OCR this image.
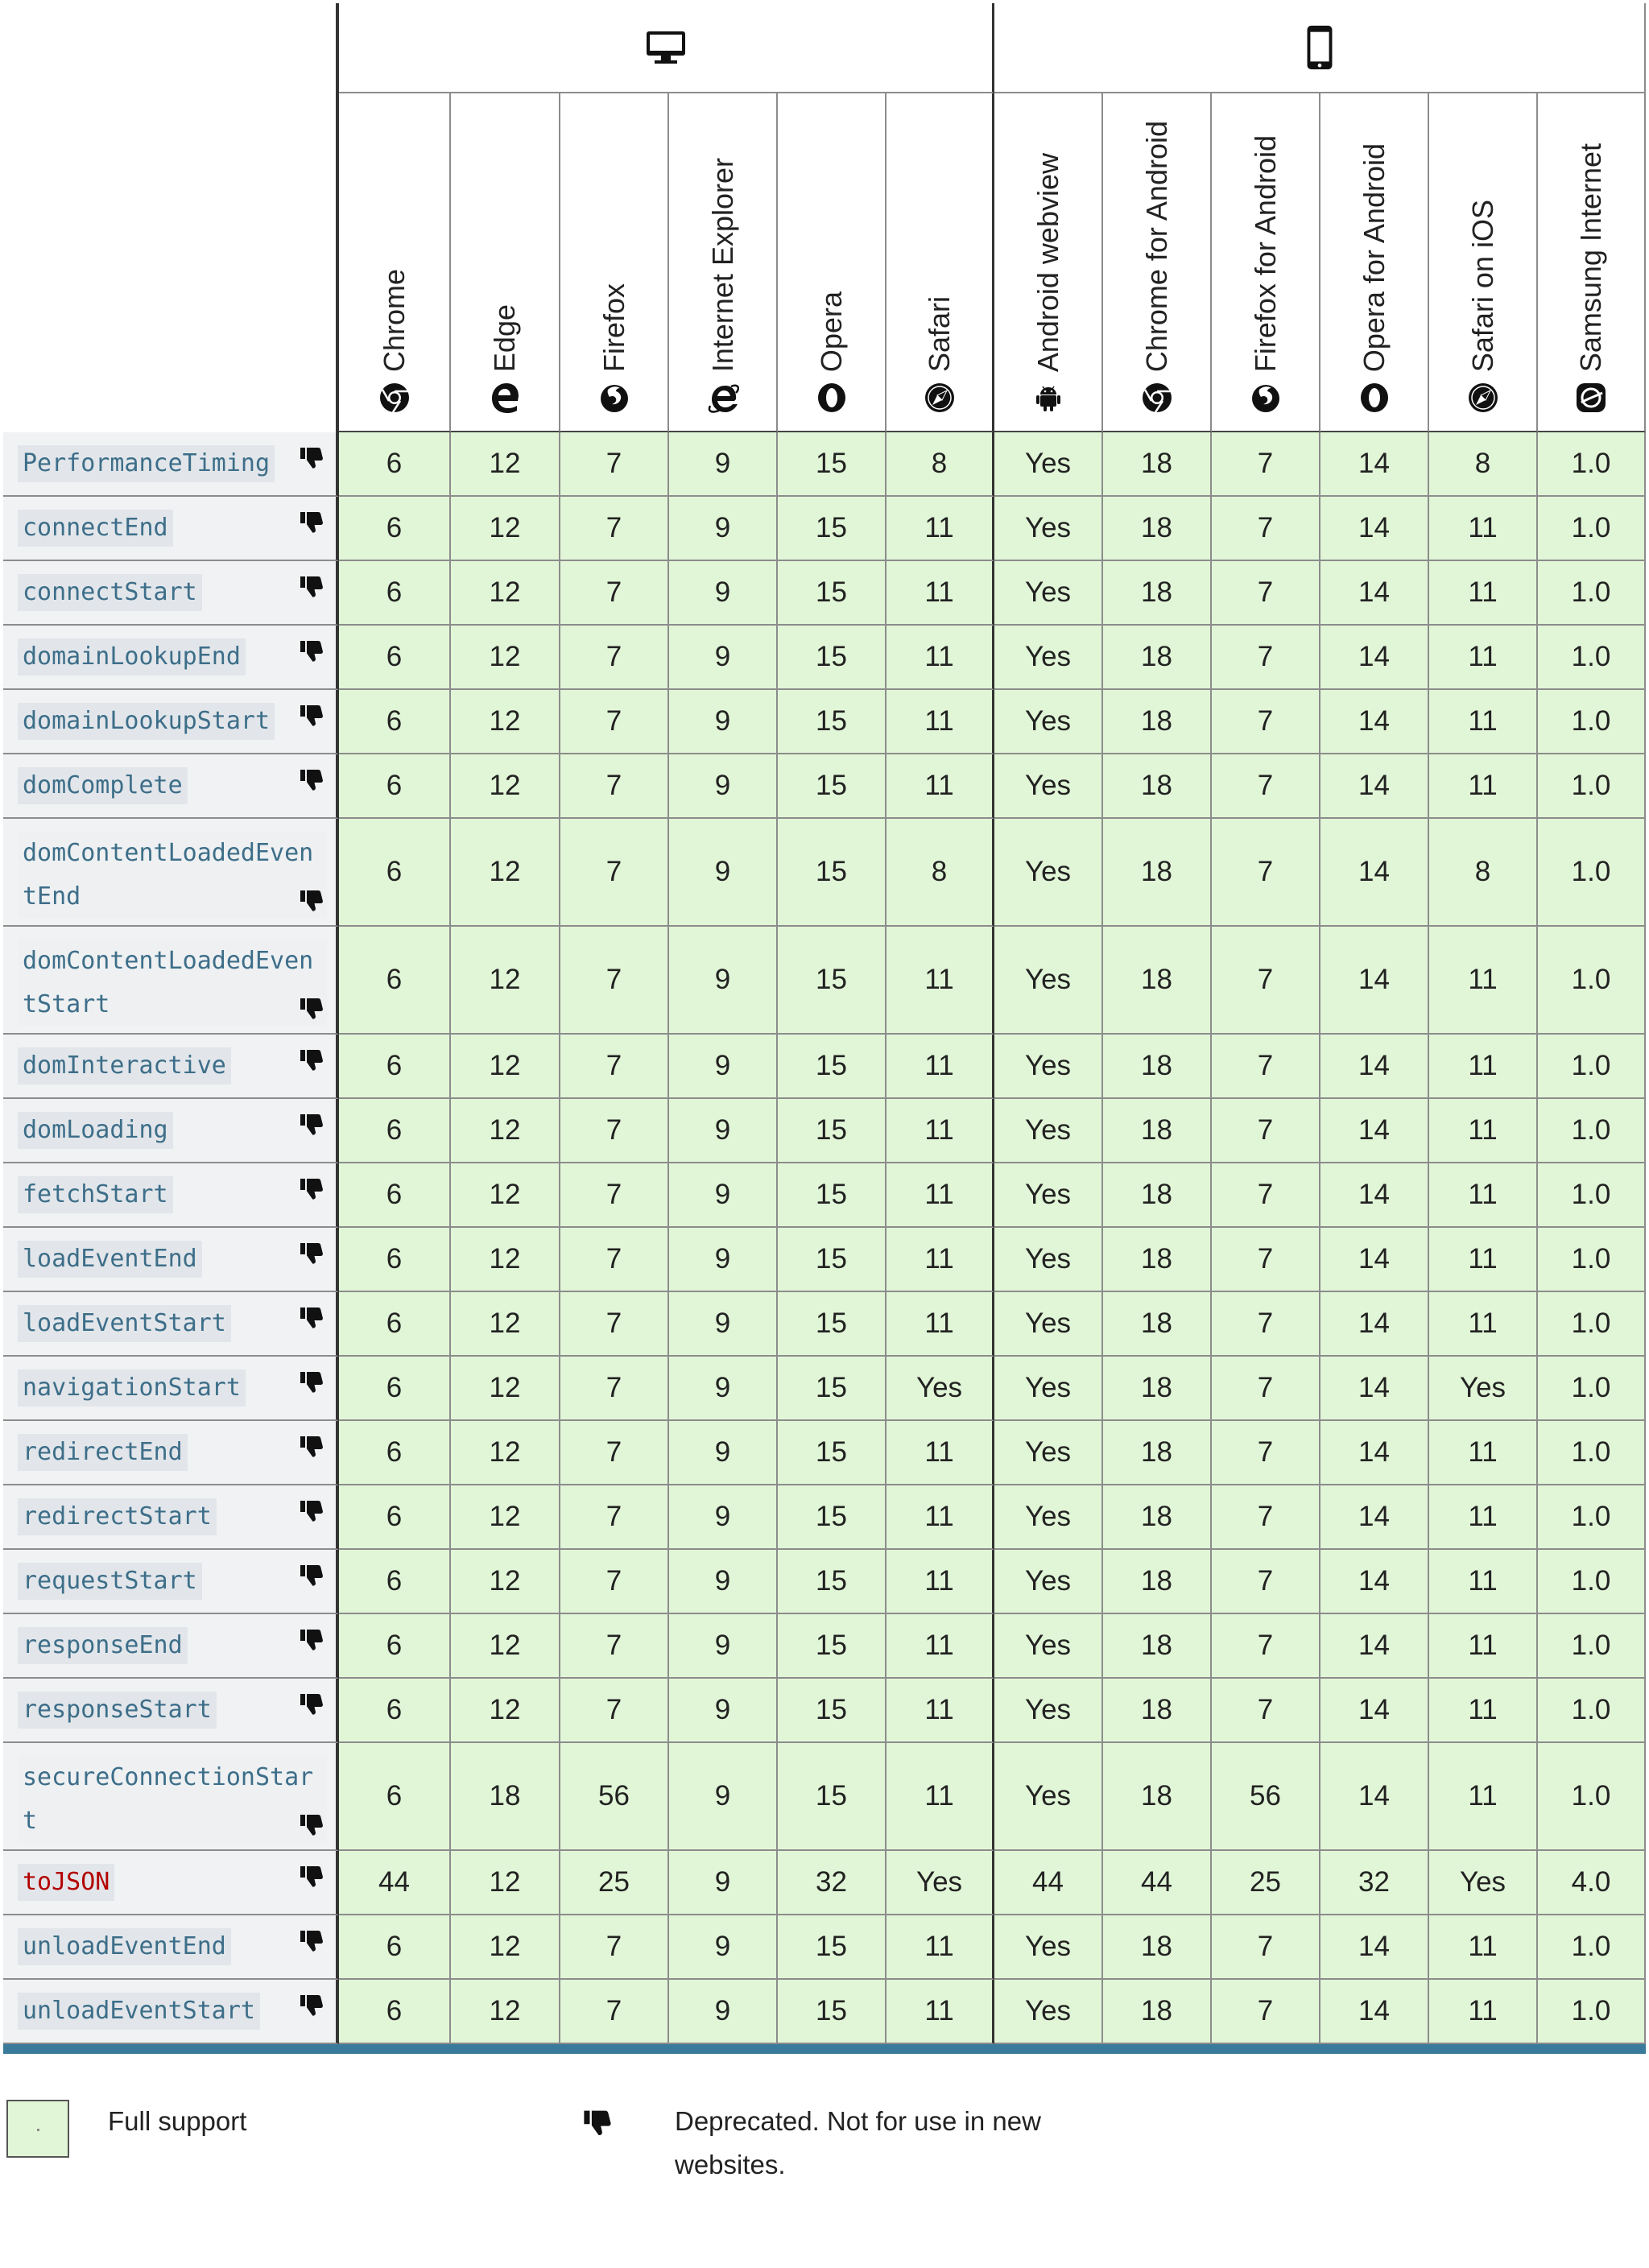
Chrome	Edge	Firefox	Internet Explorer	Opera	Safari	Android webview	Chrome for Android	Firefox for Android	Opera for Android	Safari on iOS	Samsung Internet
PerformanceTiming	6	12	7	9	15	8	Yes	18	7	14	8	1.0
connectEnd	6	12	7	9	15	11	Yes	18	7	14	11	1.0
connectStart	6	12	7	9	15	11	Yes	18	7	14	11	1.0
domainLookupEnd	6	12	7	9	15	11	Yes	18	7	14	11	1.0
domainLookupStart	6	12	7	9	15	11	Yes	18	7	14	11	1.0
domComplete	6	12	7	9	15	11	Yes	18	7	14	11	1.0
domContentLoadedEventEnd
6	12	7	9	15	8	Yes	18	7	14	8	1.0
domContentLoadedEventStart
6	12	7	9	15	11	Yes	18	7	14	11	1.0
domInteractive	6	12	7	9	15	11	Yes	18	7	14	11	1.0
domLoading	6	12	7	9	15	11	Yes	18	7	14	11	1.0
fetchStart	6	12	7	9	15	11	Yes	18	7	14	11	1.0
loadEventEnd	6	12	7	9	15	11	Yes	18	7	14	11	1.0
loadEventStart	6	12	7	9	15	11	Yes	18	7	14	11	1.0
navigationStart	6	12	7	9	15	Yes	Yes	18	7	14	Yes	1.0
redirectEnd	6	12	7	9	15	11	Yes	18	7	14	11	1.0
redirectStart	6	12	7	9	15	11	Yes	18	7	14	11	1.0
requestStart	6	12	7	9	15	11	Yes	18	7	14	11	1.0
responseEnd	6	12	7	9	15	11	Yes	18	7	14	11	1.0
responseStart	6	12	7	9	15	11	Yes	18	7	14	11	1.0
secureConnectionStart
6	18	56	9	15	11	Yes	18	56	14	11	1.0
toJSON	44	12	25	9	32	Yes	44	44	25	32	Yes	4.0
unloadEventEnd	6	12	7	9	15	11	Yes	18	7	14	11	1.0
unloadEventStart	6	12	7	9	15	11	Yes	18	7	14	11	1.0
Full support	Deprecated. Not for use in new websites.
